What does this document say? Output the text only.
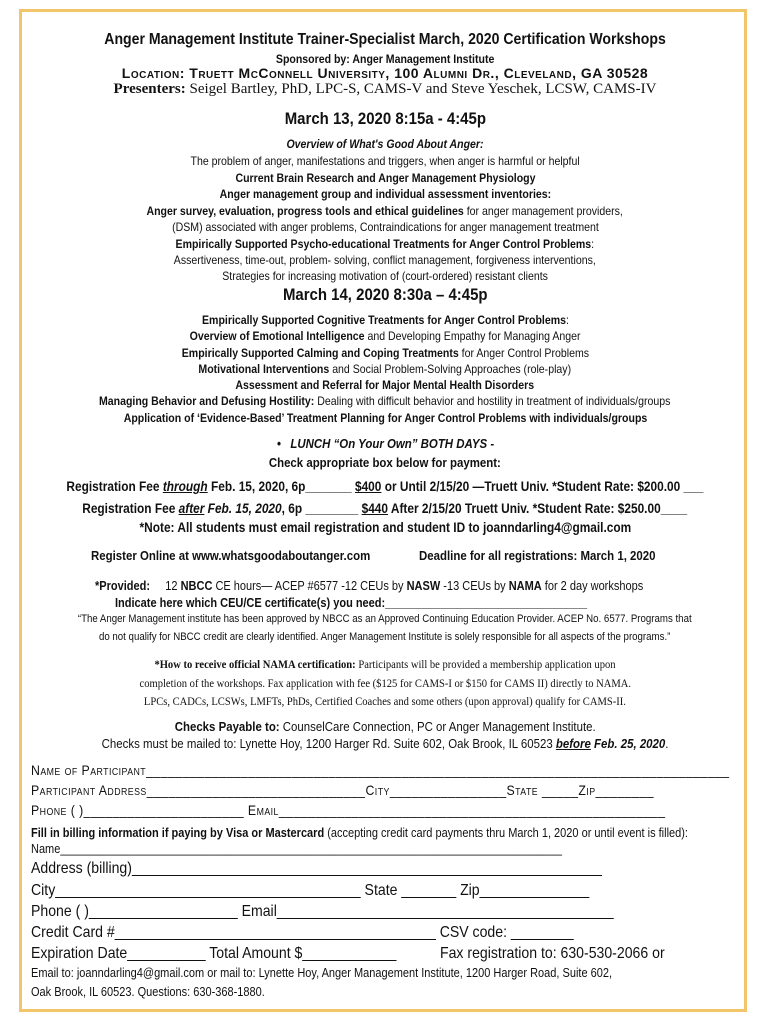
Anger Management Institute Trainer-Specialist March, 2020 Certification Workshops
Sponsored by: Anger Management Institute
Location: Truett McConnell University, 100 Alumni Dr., Cleveland, GA 30528
Presenters: Seigel Bartley, PhD, LPC-S, CAMS-V and Steve Yeschek, LCSW, CAMS-IV
March 13, 2020 8:15a - 4:45p
Overview of What's Good About Anger:
The problem of anger, manifestations and triggers, when anger is harmful or helpful
Current Brain Research and Anger Management Physiology
Anger management group and individual assessment inventories:
Anger survey, evaluation, progress tools and ethical guidelines for anger management providers,
(DSM) associated with anger problems, Contraindications for anger management treatment
Empirically Supported Psycho-educational Treatments for Anger Control Problems:
Assertiveness, time-out, problem- solving, conflict management, forgiveness interventions,
Strategies for increasing motivation of (court-ordered) resistant clients
March 14, 2020 8:30a – 4:45p
Empirically Supported Cognitive Treatments for Anger Control Problems:
Overview of Emotional Intelligence and Developing Empathy for Managing Anger
Empirically Supported Calming and Coping Treatments for Anger Control Problems
Motivational Interventions and Social Problem-Solving Approaches (role-play)
Assessment and Referral for Major Mental Health Disorders
Managing Behavior and Defusing Hostility: Dealing with difficult behavior and hostility in treatment of individuals/groups
Application of ‘Evidence-Based’ Treatment Planning for Anger Control Problems with individuals/groups
• LUNCH “On Your Own” BOTH DAYS -
Check appropriate box below for payment:
Registration Fee through Feb. 15, 2020, 6p_______ $400 or Until 2/15/20 —Truett Univ. *Student Rate: $200.00 ___
Registration Fee after Feb. 15, 2020, 6p ________ $440 After 2/15/20 Truett Univ. *Student Rate: $250.00____
*Note: All students must email registration and student ID to joanndarling4@gmail.com
Register Online at www.whatsgoodaboutanger.com	Deadline for all registrations: March 1, 2020
*Provided: 12 NBCC CE hours— ACEP #6577 -12 CEUs by NASW -13 CEUs by NAMA for 2 day workshops
Indicate here which CEU/CE certificate(s) you need:_________________________________
“The Anger Management institute has been approved by NBCC as an Approved Continuing Education Provider. ACEP No. 6577. Programs that
do not qualify for NBCC credit are clearly identified. Anger Management Institute is solely responsible for all aspects of the programs.”
*How to receive official NAMA certification: Participants will be provided a membership application upon
completion of the workshops. Fax application with fee ($125 for CAMS-I or $150 for CAMS II) directly to NAMA.
LPCs, CADCs, LCSWs, LMFTs, PhDs, Certified Coaches and some others (upon approval) qualify for CAMS-II.
Checks Payable to: CounselCare Connection, PC or Anger Management Institute.
Checks must be mailed to: Lynette Hoy, 1200 Harger Rd. Suite 602, Oak Brook, IL 60523 before Feb. 25, 2020.
Name of Participant________________________________________________________________________________
Participant Address______________________________City________________State _____Zip________
Phone ( )______________________ Email_____________________________________________________
Fill in billing information if paying by Visa or Mastercard (accepting credit card payments thru March 1, 2020 or until event is filled):
Name__________________________________________________________________________________
Address (billing)____________________________________________________________
City_______________________________________ State _______ Zip______________
Phone ( )___________________ Email___________________________________________
Credit Card #_________________________________________ CSV code: ________
Expiration Date__________ Total Amount $____________	Fax registration to: 630-530-2066 or
Email to: joanndarling4@gmail.com or mail to: Lynette Hoy, Anger Management Institute, 1200 Harger Road, Suite 602,
Oak Brook, IL 60523. Questions: 630-368-1880.
